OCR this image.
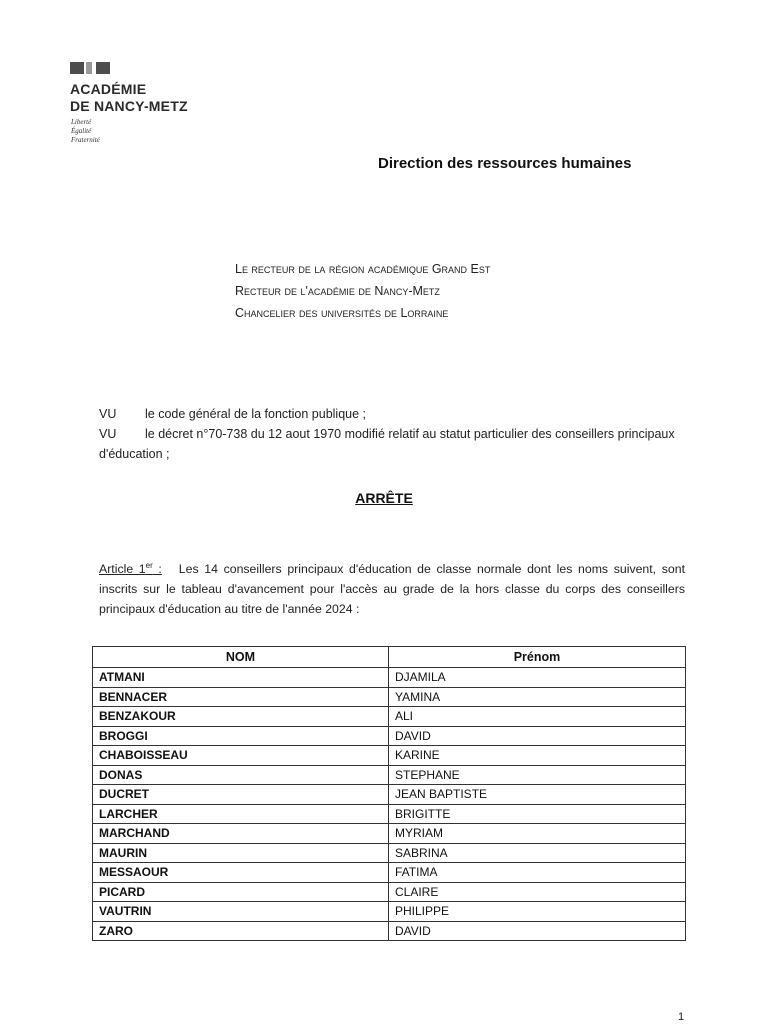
ACADÉMIE
DE NANCY-METZ
Liberté
Égalité
Fraternité
Direction des ressources humaines
Le recteur de la région académique Grand Est
Recteur de l'académie de Nancy-Metz
Chancelier des universités de Lorraine
VU	le code général de la fonction publique ;
VU le décret n°70-738 du 12 aout 1970 modifié relatif au statut particulier des conseillers principaux d'éducation ;
ARRÊTE
Article 1er : Les 14 conseillers principaux d'éducation de classe normale dont les noms suivent, sont inscrits sur le tableau d'avancement pour l'accès au grade de la hors classe du corps des conseillers principaux d'éducation au titre de l'année 2024 :
NOM	Prénom
ATMANI	DJAMILA
BENNACER	YAMINA
BENZAKOUR	ALI
BROGGI	DAVID
CHABOISSEAU	KARINE
DONAS	STEPHANE
DUCRET	JEAN BAPTISTE
LARCHER	BRIGITTE
MARCHAND	MYRIAM
MAURIN	SABRINA
MESSAOUR	FATIMA
PICARD	CLAIRE
VAUTRIN	PHILIPPE
ZARO	DAVID
1
